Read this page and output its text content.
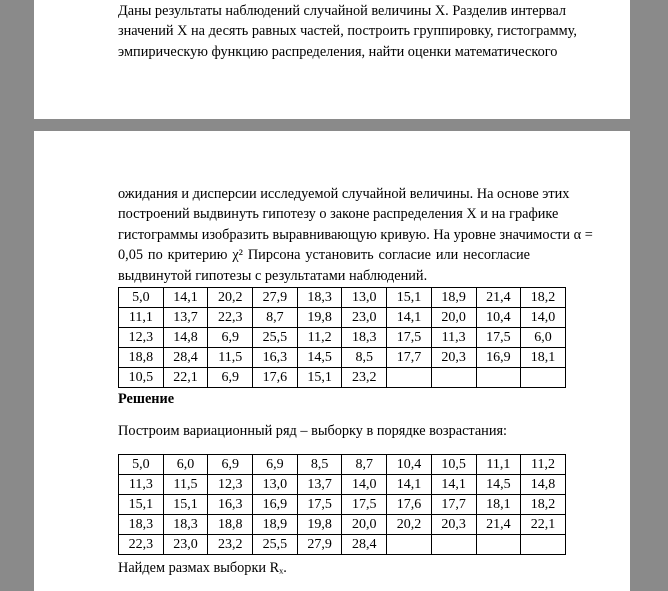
Даны результаты наблюдений случайной величины X. Разделив интервал
значений X на десять равных частей, построить группировку, гистограмму,
эмпирическую функцию распределения, найти оценки математического

ожидания и дисперсии исследуемой случайной величины. На основе этих
построений выдвинуть гипотезу о законе распределения X и на графике
гистограммы изобразить выравнивающую кривую. На уровне значимости α =
0,05 по критерию χ² Пирсона установить согласие или несогласие
выдвинутой гипотезы с результатами наблюдений.

5,0	14,1	20,2	27,9	18,3	13,0	15,1	18,9	21,4	18,2
11,1	13,7	22,3	8,7	19,8	23,0	14,1	20,0	10,4	14,0
12,3	14,8	6,9	25,5	11,2	18,3	17,5	11,3	17,5	6,0
18,8	28,4	11,5	16,3	14,5	8,5	17,7	20,3	16,9	18,1
10,5	22,1	6,9	17,6	15,1	23,2				

Решение

Построим вариационный ряд – выборку в порядке возрастания:

5,0	6,0	6,9	6,9	8,5	8,7	10,4	10,5	11,1	11,2
11,3	11,5	12,3	13,0	13,7	14,0	14,1	14,1	14,5	14,8
15,1	15,1	16,3	16,9	17,5	17,5	17,6	17,7	18,1	18,2
18,3	18,3	18,8	18,9	19,8	20,0	20,2	20,3	21,4	22,1
22,3	23,0	23,2	25,5	27,9	28,4				

Найдем размах выборки Rₓ.
